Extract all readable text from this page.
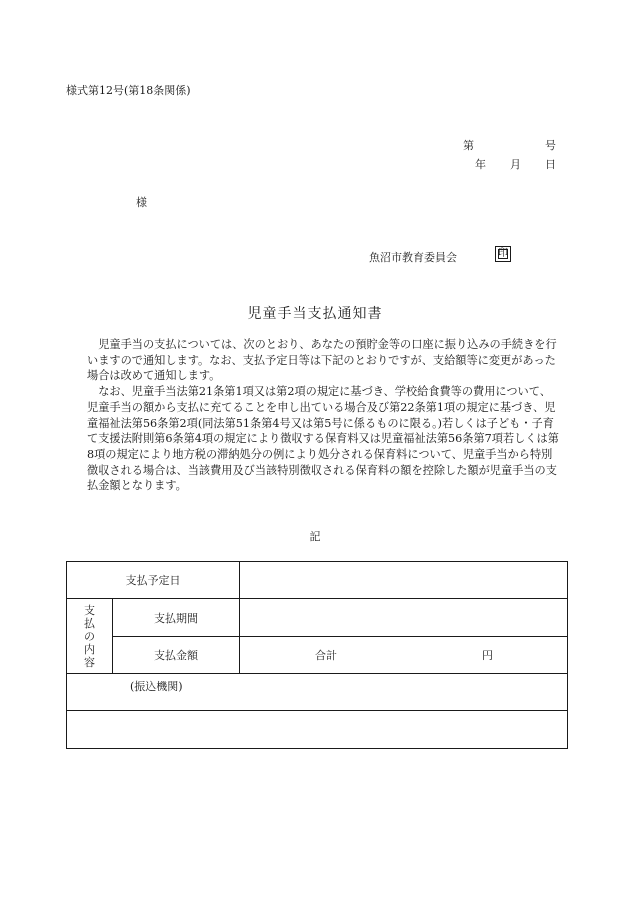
様式第12号(第18条関係)
第	号
年 月 日
様
魚沼市教育委員会	印
児童手当支払通知書

児童手当の支払については、次のとおり、あなたの預貯金等の口座に振り込みの手続きを行いますので通知します。なお、支払予定日等は下記のとおりですが、支給額等に変更があった場合は改めて通知します。

なお、児童手当法第21条第1項又は第2項の規定に基づき、学校給食費等の費用について、児童手当の額から支払に充てることを申し出ている場合及び第22条第1項の規定に基づき、児童福祉法第56条第2項(同法第51条第4号又は第5号に係るものに限る。)若しくは子ども・子育て支援法附則第6条第4項の規定により徴収する保育料又は児童福祉法第56条第7項若しくは第8項の規定により地方税の滞納処分の例により処分される保育料について、児童手当から特別徴収される場合は、当該費用及び当該特別徴収される保育料の額を控除した額が児童手当の支払金額となります。

記
支払予定日		

支
払
の
内
容	支払期間	
	支払金額	合計 円

(振込機関)		
